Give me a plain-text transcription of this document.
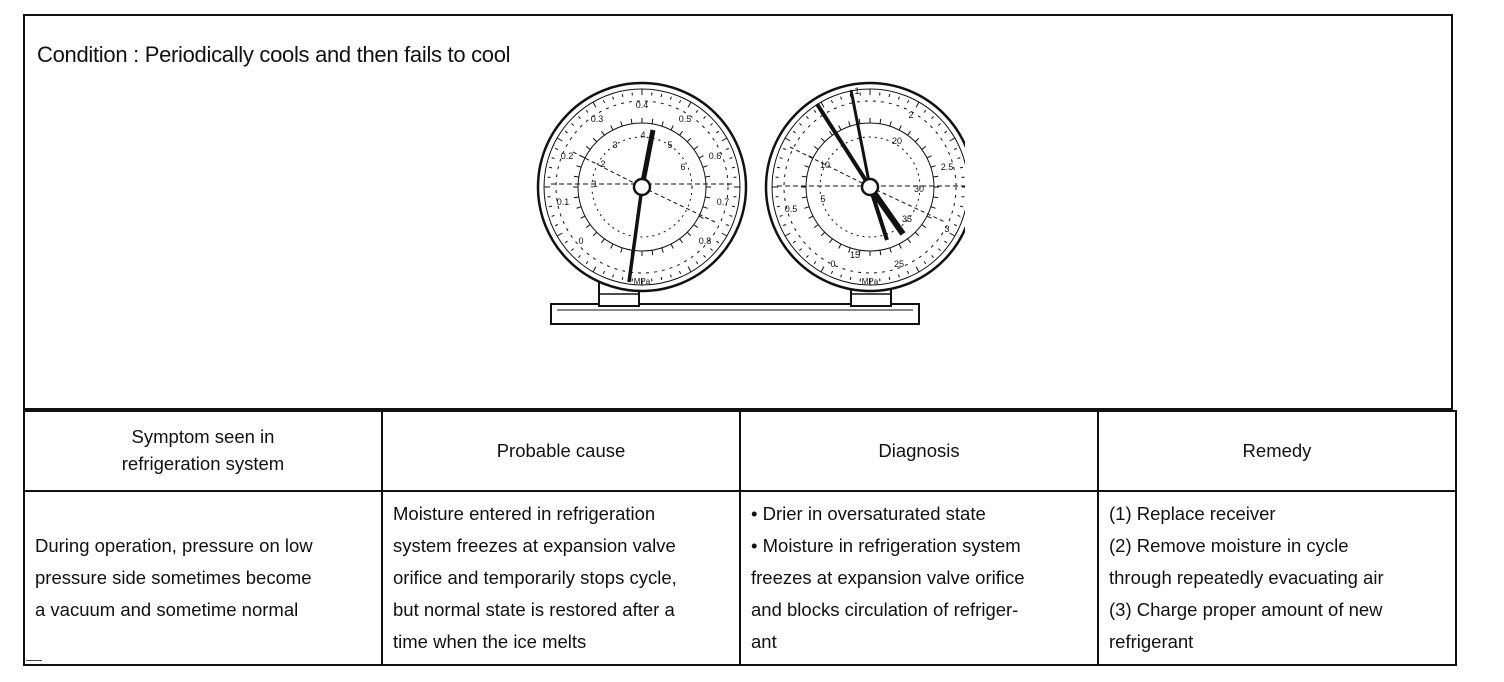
Condition : Periodically cools and then fails to cool
0.4
0.3	0.5
0.2	0.6
0.1	0.7
0	0.8
1
2
3
4
5
6
MPa
1
2
2.5
3
0.5
0	25
10
5
20
30
35
15
MPa
Symptom seen in
refrigeration system	Probable cause	Diagnosis	Remedy

During operation, pressure on low
pressure side sometimes become
a vacuum and sometime normal	Moisture entered in refrigeration
system freezes at expansion valve
orifice and temporarily stops cycle,
but normal state is restored after a
time when the ice melts	• Drier in oversaturated state
• Moisture in refrigeration system
freezes at expansion valve orifice
and blocks circulation of refriger-
ant	(1) Replace receiver
(2) Remove moisture in cycle
through repeatedly evacuating air
(3) Charge proper amount of new
refrigerant
